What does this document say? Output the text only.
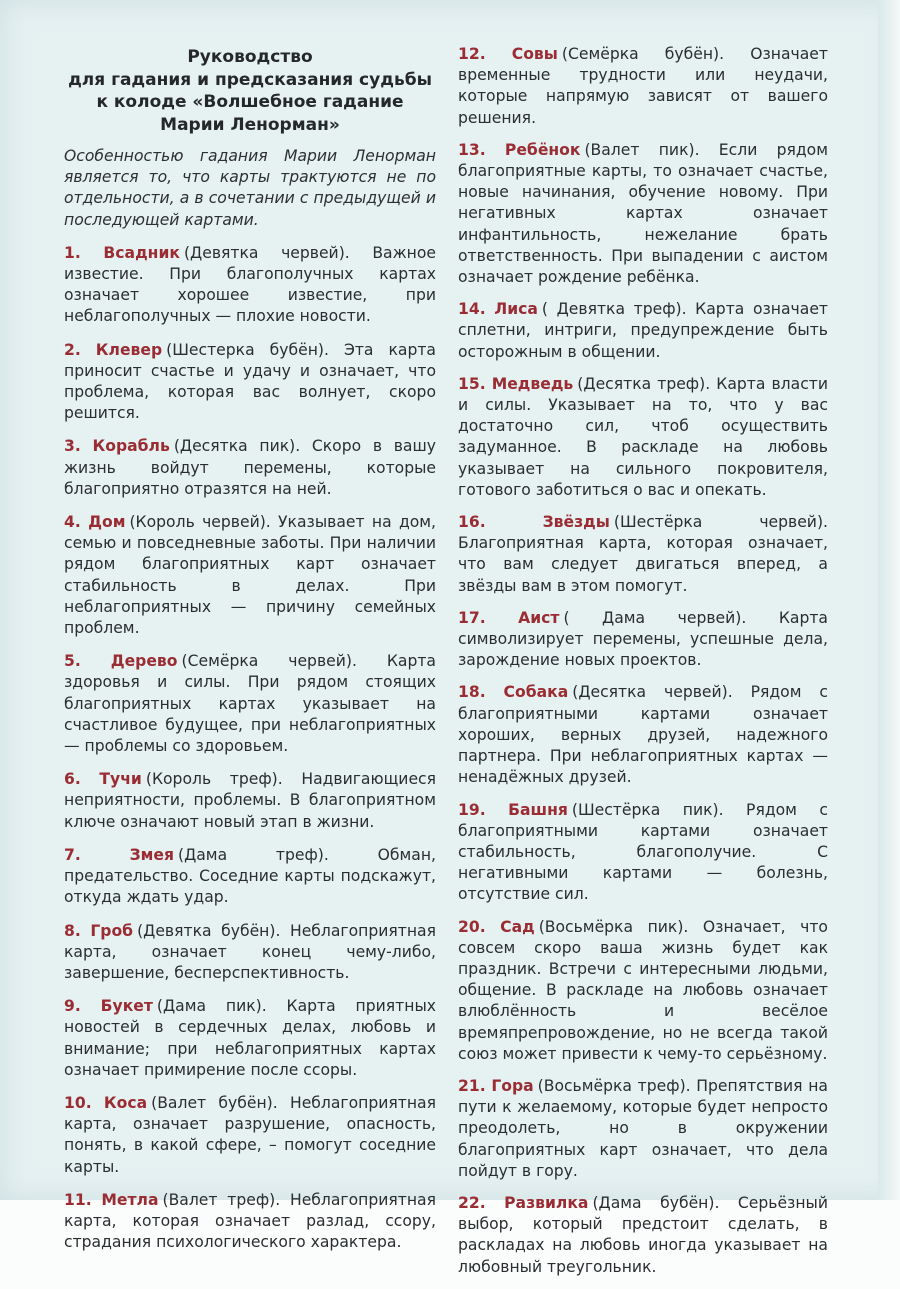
Руководство
для гадания и предсказания судьбы
к колоде «Волшебное гадание
Марии Ленорман»

Особенностью гадания Марии Ленорман является то, что карты трактуются не по отдельности, а в сочетании с предыдущей и последующей картами.

1. Всадник (Девятка червей). Важное известие. При благополучных картах означает хорошее известие, при неблагополучных — плохие новости.

2. Клевер (Шестерка бубён). Эта карта приносит счастье и удачу и означает, что проблема, которая вас волнует, скоро решится.

3. Корабль (Десятка пик). Скоро в вашу жизнь войдут перемены, которые благоприятно отразятся на ней.

4. Дом (Король червей). Указывает на дом, семью и повседневные заботы. При наличии рядом благоприятных карт означает стабильность в делах. При неблагоприятных — причину семейных проблем.

5. Дерево (Семёрка червей). Карта здоровья и силы. При рядом стоящих благоприятных картах указывает на счастливое будущее, при неблагоприятных — проблемы со здоровьем.

6. Тучи (Король треф). Надвигающиеся неприятности, проблемы. В благоприятном ключе означают новый этап в жизни.

7.	Змея (Дама треф). Обман, предательство. Соседние карты подскажут, откуда ждать удар.

8. Гроб (Девятка бубён). Неблагоприятная карта, означает конец чему-либо, завершение, бесперспективность.

9. Букет (Дама пик). Карта приятных новостей в сердечных делах, любовь и внимание; при неблагоприятных картах означает примирение после ссоры.

10. Коса (Валет бубён). Неблагоприятная карта, означает разрушение, опасность, понять, в какой сфере, – помогут соседние карты.

11. Метла (Валет треф). Неблагоприятная карта, которая означает разлад, ссору, страдания психологического характера.

12. Совы (Семёрка бубён). Означает временные трудности или неудачи, которые напрямую зависят от вашего решения.

13. Ребёнок (Валет пик). Если рядом благоприятные карты, то означает счастье, новые начинания, обучение новому. При негативных картах означает инфантильность, нежелание брать ответственность. При выпадении с аистом означает рождение ребёнка.

14. Лиса ( Девятка треф). Карта означает сплетни, интриги, предупреждение быть осторожным в общении.

15. Медведь (Десятка треф). Карта власти и силы. Указывает на то, что у вас достаточно сил, чтоб осуществить задуманное. В раскладе на любовь указывает на сильного покровителя, готового заботиться о вас и опекать.

16.	Звёзды (Шестёрка червей). Благоприятная карта, которая означает, что вам следует двигаться вперед, а звёзды вам в этом помогут.

17. Аист ( Дама червей). Карта символизирует перемены, успешные дела, зарождение новых проектов.

18. Собака (Десятка червей). Рядом с благоприятными картами означает хороших, верных друзей, надежного партнера. При неблагоприятных картах — ненадёжных друзей.

19. Башня (Шестёрка пик). Рядом с благоприятными картами означает стабильность, благополучие. С негативными картами — болезнь, отсутствие сил.

20. Сад (Восьмёрка пик). Означает, что совсем скоро ваша жизнь будет как праздник. Встречи с интересными людьми, общение. В раскладе на любовь означает влюблённость и весёлое времяпрепровождение, но не всегда такой союз может привести к чему-то серьёзному.

21. Гора (Восьмёрка треф). Препятствия на пути к желаемому, которые будет непросто преодолеть, но в окружении благоприятных карт означает, что дела пойдут в гору.

22. Развилка (Дама бубён). Серьёзный выбор, который предстоит сделать, в раскладах на любовь иногда указывает на любовный треугольник.
